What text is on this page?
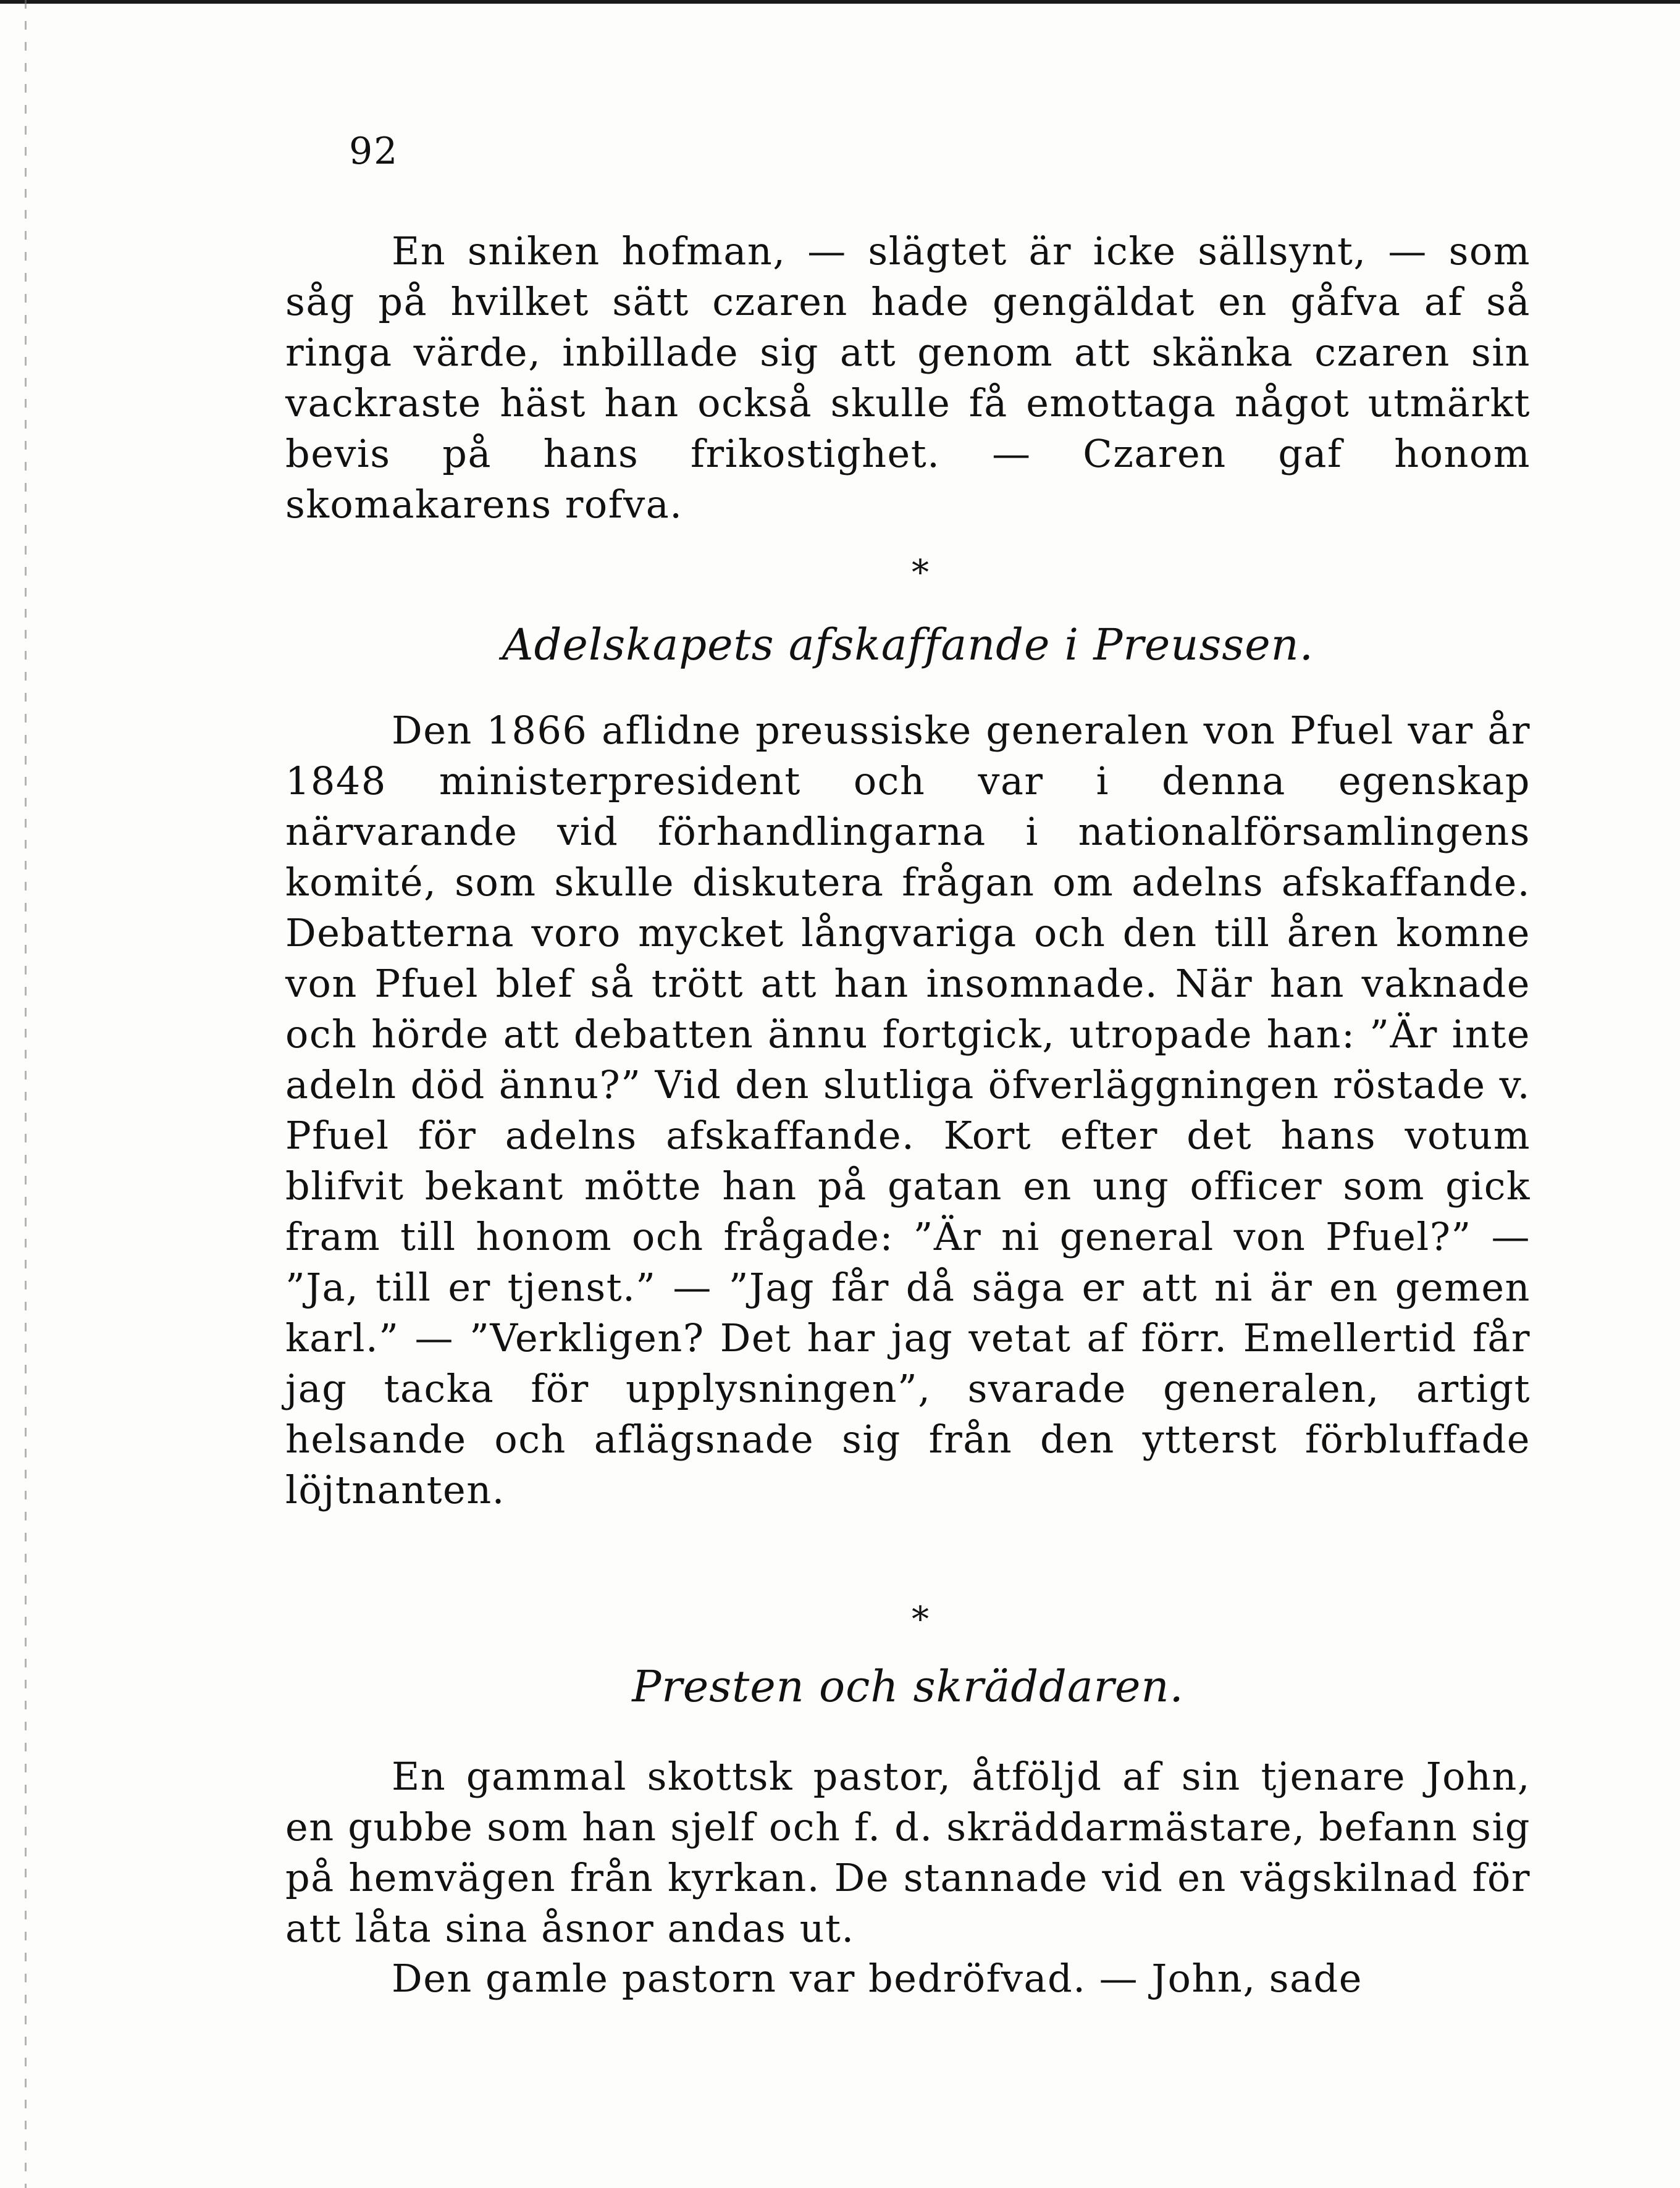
92

En sniken hofman, — slägtet är icke sällsynt, — som såg på hvilket sätt czaren hade gengäldat en gåfva af så ringa värde, inbillade sig att genom att skänka czaren sin vackraste häst han också skulle få emottaga något utmärkt bevis på hans frikostighet. — Czaren gaf honom skomakarens rofva.

*
Adelskapets afskaffande i Preussen.

Den 1866 aflidne preussiske generalen von Pfuel var år 1848 ministerpresident och var i denna egenskap närvarande vid förhandlingarna i nationalförsamlingens komité, som skulle diskutera frågan om adelns afskaffande. Debatterna voro mycket långvariga och den till åren komne von Pfuel blef så trött att han insomnade. När han vaknade och hörde att debatten ännu fortgick, utropade han: ”Är inte adeln död ännu?” Vid den slutliga öfverläggningen röstade v. Pfuel för adelns afskaffande. Kort efter det hans votum blifvit bekant mötte han på gatan en ung officer som gick fram till honom och frågade: ”Är ni general von Pfuel?” — ”Ja, till er tjenst.” — ”Jag får då säga er att ni är en gemen karl.” — ”Verkligen? Det har jag vetat af förr. Emellertid får jag tacka för upplysningen”, svarade generalen, artigt helsande och aflägsnade sig från den ytterst förbluffade löjtnanten.

*
Presten och skräddaren.

En gammal skottsk pastor, åtföljd af sin tjenare John, en gubbe som han sjelf och f. d. skräddarmästare, befann sig på hemvägen från kyrkan. De stannade vid en vägskilnad för att låta sina åsnor andas ut.

Den gamle pastorn var bedröfvad. — John, sade
